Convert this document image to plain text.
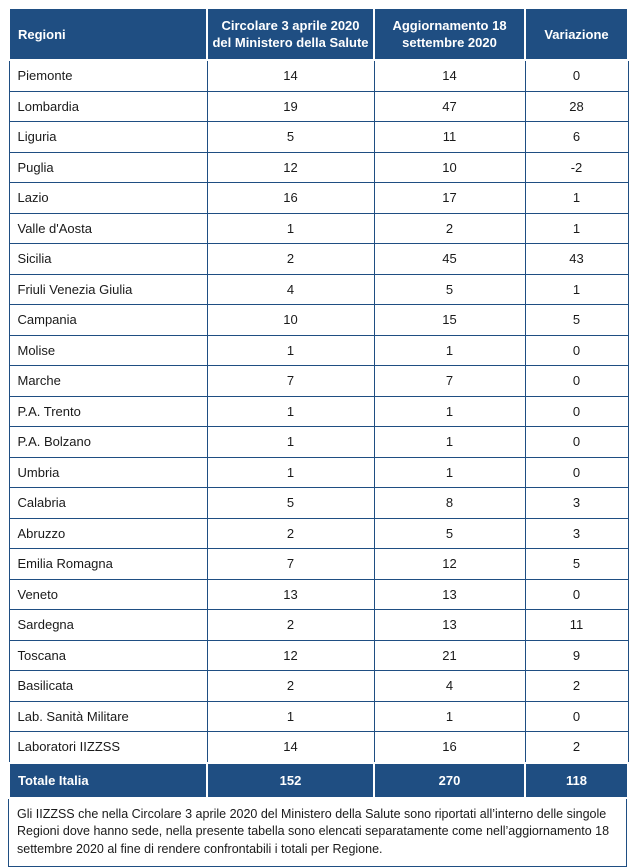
Regioni	Circolare 3 aprile 2020 del Ministero della Salute	Aggiornamento 18 settembre 2020	Variazione
Piemonte	14	14	0
Lombardia	19	47	28
Liguria	5	11	6
Puglia	12	10	-2
Lazio	16	17	1
Valle d'Aosta	1	2	1
Sicilia	2	45	43
Friuli Venezia Giulia	4	5	1
Campania	10	15	5
Molise	1	1	0
Marche	7	7	0
P.A. Trento	1	1	0
P.A. Bolzano	1	1	0
Umbria	1	1	0
Calabria	5	8	3
Abruzzo	2	5	3
Emilia Romagna	7	12	5
Veneto	13	13	0
Sardegna	2	13	11
Toscana	12	21	9
Basilicata	2	4	2
Lab. Sanità Militare	1	1	0
Laboratori IIZZSS	14	16	2
Totale Italia	152	270	118
Gli IIZZSS che nella Circolare 3 aprile 2020 del Ministero della Salute sono riportati all’interno delle singole Regioni dove hanno sede, nella presente tabella sono elencati separatamente come nell’aggiornamento 18 settembre 2020 al fine di rendere confrontabili i totali per Regione.
